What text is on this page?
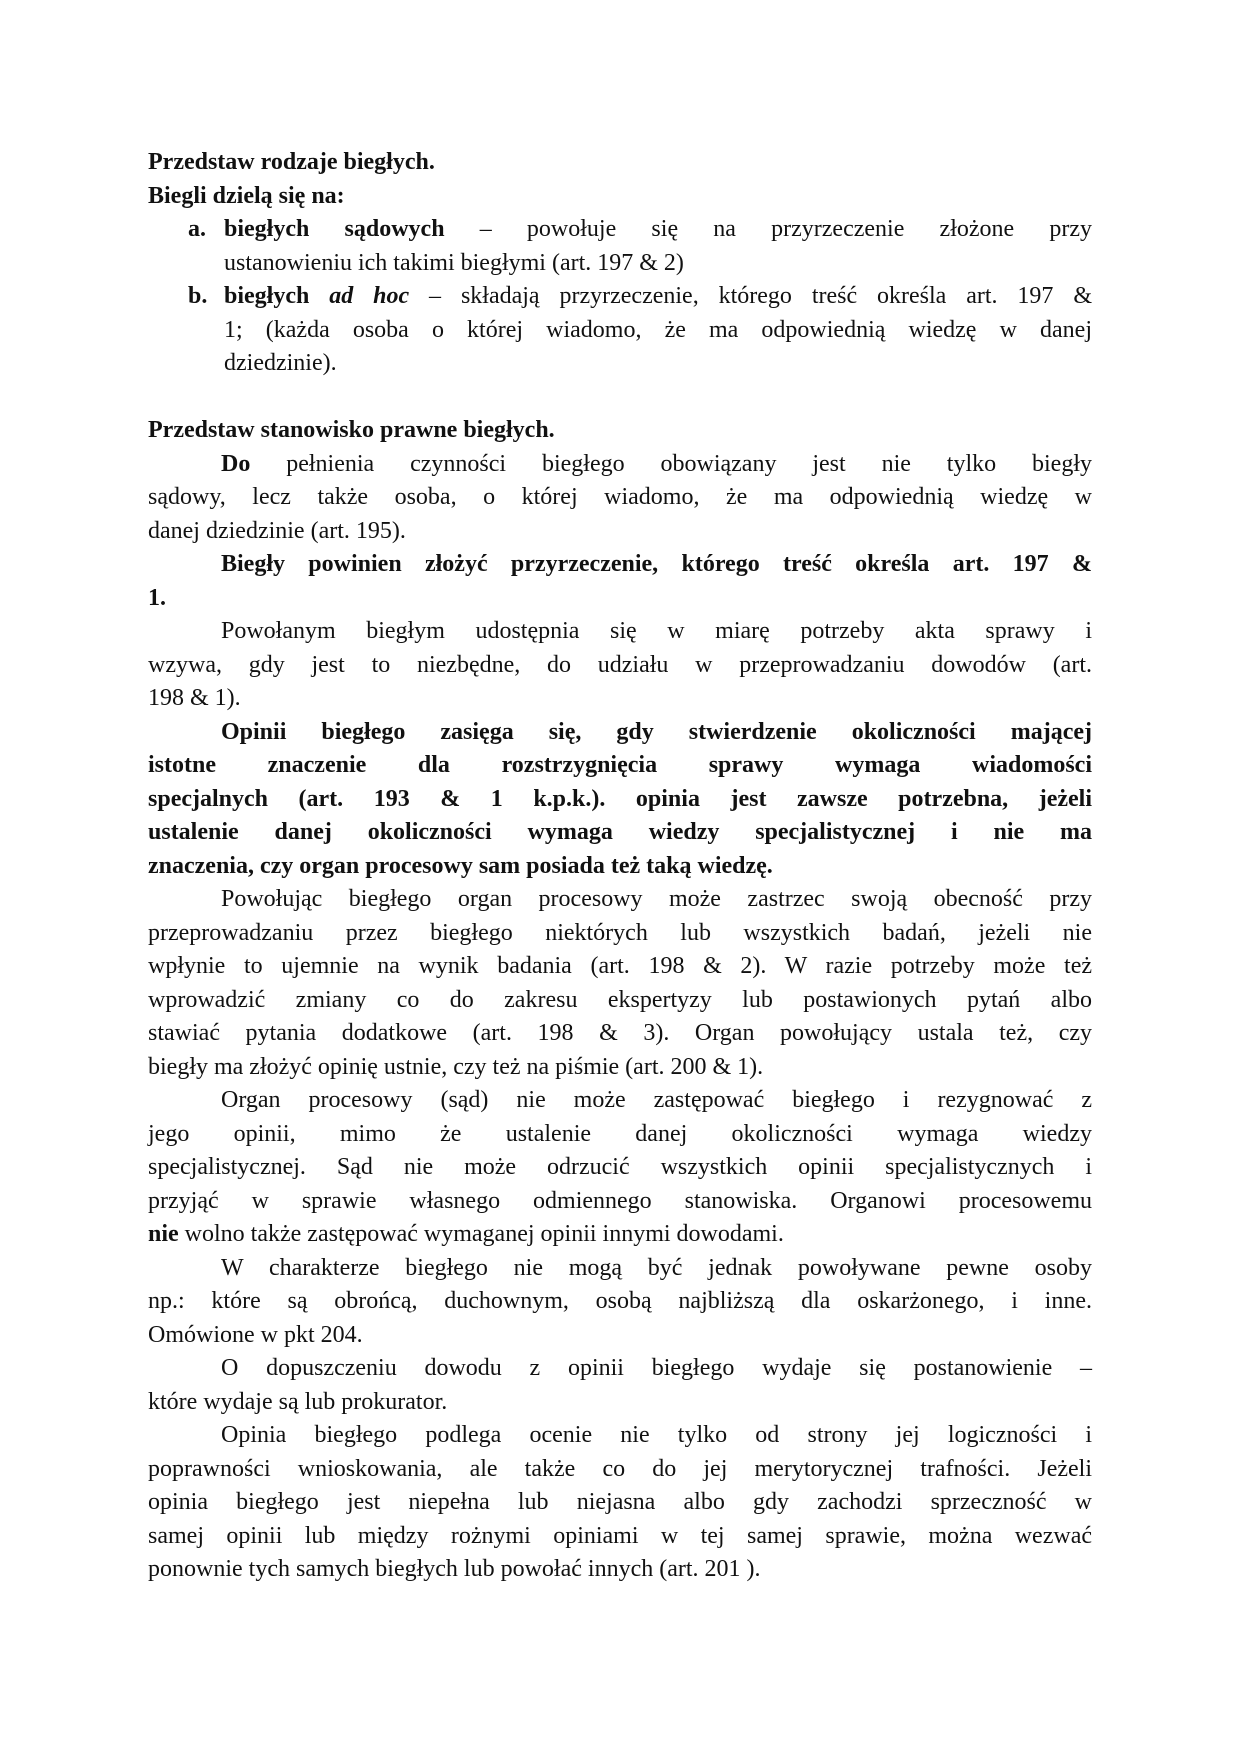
Przedstaw rodzaje biegłych.
Biegli dzielą się na:
a. biegłych sądowych – powołuje się na przyrzeczenie złożone przy
ustanowieniu ich takimi biegłymi (art. 197 & 2)
b. biegłych ad hoc – składają przyrzeczenie, którego treść określa art. 197 &
1; (każda osoba o której wiadomo, że ma odpowiednią wiedzę w danej
dziedzinie).

Przedstaw stanowisko prawne biegłych.
Do pełnienia czynności biegłego obowiązany jest nie tylko biegły
sądowy, lecz także osoba, o której wiadomo, że ma odpowiednią wiedzę w
danej dziedzinie (art. 195).
Biegły powinien złożyć przyrzeczenie, którego treść określa art. 197 &
1.
Powołanym biegłym udostępnia się w miarę potrzeby akta sprawy i
wzywa, gdy jest to niezbędne, do udziału w przeprowadzaniu dowodów (art.
198 & 1).
Opinii biegłego zasięga się, gdy stwierdzenie okoliczności mającej
istotne znaczenie dla rozstrzygnięcia sprawy wymaga wiadomości
specjalnych (art. 193 & 1 k.p.k.). opinia jest zawsze potrzebna, jeżeli
ustalenie danej okoliczności wymaga wiedzy specjalistycznej i nie ma
znaczenia, czy organ procesowy sam posiada też taką wiedzę.
Powołując biegłego organ procesowy może zastrzec swoją obecność przy
przeprowadzaniu przez biegłego niektórych lub wszystkich badań, jeżeli nie
wpłynie to ujemnie na wynik badania (art. 198 & 2). W razie potrzeby może też
wprowadzić zmiany co do zakresu ekspertyzy lub postawionych pytań albo
stawiać pytania dodatkowe (art. 198 & 3). Organ powołujący ustala też, czy
biegły ma złożyć opinię ustnie, czy też na piśmie (art. 200 & 1).
Organ procesowy (sąd) nie może zastępować biegłego i rezygnować z
jego opinii, mimo że ustalenie danej okoliczności wymaga wiedzy
specjalistycznej. Sąd nie może odrzucić wszystkich opinii specjalistycznych i
przyjąć w sprawie własnego odmiennego stanowiska. Organowi procesowemu
nie wolno także zastępować wymaganej opinii innymi dowodami.
W charakterze biegłego nie mogą być jednak powoływane pewne osoby
np.: które są obrońcą, duchownym, osobą najbliższą dla oskarżonego, i inne.
Omówione w pkt 204.
O dopuszczeniu dowodu z opinii biegłego wydaje się postanowienie –
które wydaje są lub prokurator.
Opinia biegłego podlega ocenie nie tylko od strony jej logiczności i
poprawności wnioskowania, ale także co do jej merytorycznej trafności. Jeżeli
opinia biegłego jest niepełna lub niejasna albo gdy zachodzi sprzeczność w
samej opinii lub między rożnymi opiniami w tej samej sprawie, można wezwać
ponownie tych samych biegłych lub powołać innych (art. 201 ).
